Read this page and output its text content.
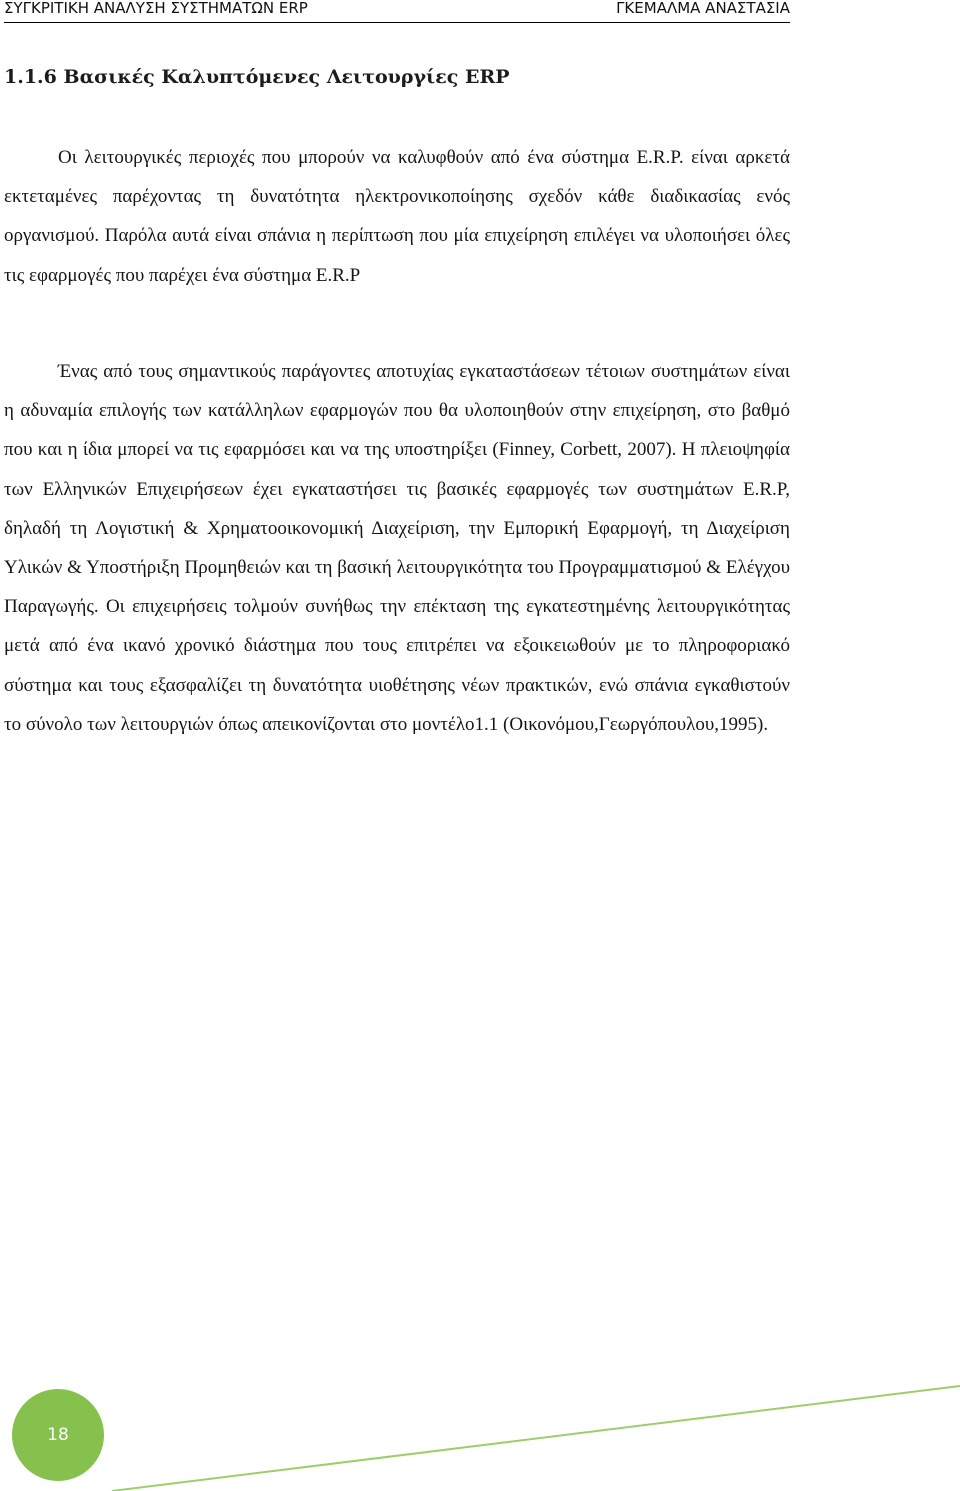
ΣΥΓΚΡΙΤΙΚΗ ΑΝΑΛΥΣΗ ΣΥΣΤΗΜΑΤΩΝ ERP	ΓΚΕΜΑΛΜΑ ΑΝΑΣΤΑΣΙΑ
1.1.6 Βασικές Καλυπτόμενες Λειτουργίες ERP

Οι λειτουργικές περιοχές που μπορούν να καλυφθούν από ένα σύστημα E.R.P. είναι αρκετά εκτεταμένες παρέχοντας τη δυνατότητα ηλεκτρονικοποίησης σχεδόν κάθε διαδικασίας ενός οργανισμού. Παρόλα αυτά είναι σπάνια η περίπτωση που μία επιχείρηση επιλέγει να υλοποιήσει όλες τις εφαρμογές που παρέχει ένα σύστημα E.R.P

Ένας από τους σημαντικούς παράγοντες αποτυχίας εγκαταστάσεων τέτοιων συστημάτων είναι η αδυναμία επιλογής των κατάλληλων εφαρμογών που θα υλοποιηθούν στην επιχείρηση, στο βαθμό που και η ίδια μπορεί να τις εφαρμόσει και να της υποστηρίξει (Finney, Corbett, 2007). Η πλειοψηφία των Ελληνικών Επιχειρήσεων έχει εγκαταστήσει τις βασικές εφαρμογές των συστημάτων E.R.P, δηλαδή τη Λογιστική & Χρηματοοικονομική Διαχείριση, την Εμπορική Εφαρμογή, τη Διαχείριση Υλικών & Υποστήριξη Προμηθειών και τη βασική λειτουργικότητα του Προγραμματισμού & Ελέγχου Παραγωγής. Οι επιχειρήσεις τολμούν συνήθως την επέκταση της εγκατεστημένης λειτουργικότητας μετά από ένα ικανό χρονικό διάστημα που τους επιτρέπει να εξοικειωθούν με το πληροφοριακό σύστημα και τους εξασφαλίζει τη δυνατότητα υιοθέτησης νέων πρακτικών, ενώ σπάνια εγκαθιστούν το σύνολο των λειτουργιών όπως απεικονίζονται στο μοντέλο1.1 (Οικονόμου,Γεωργόπουλου,1995).

18
